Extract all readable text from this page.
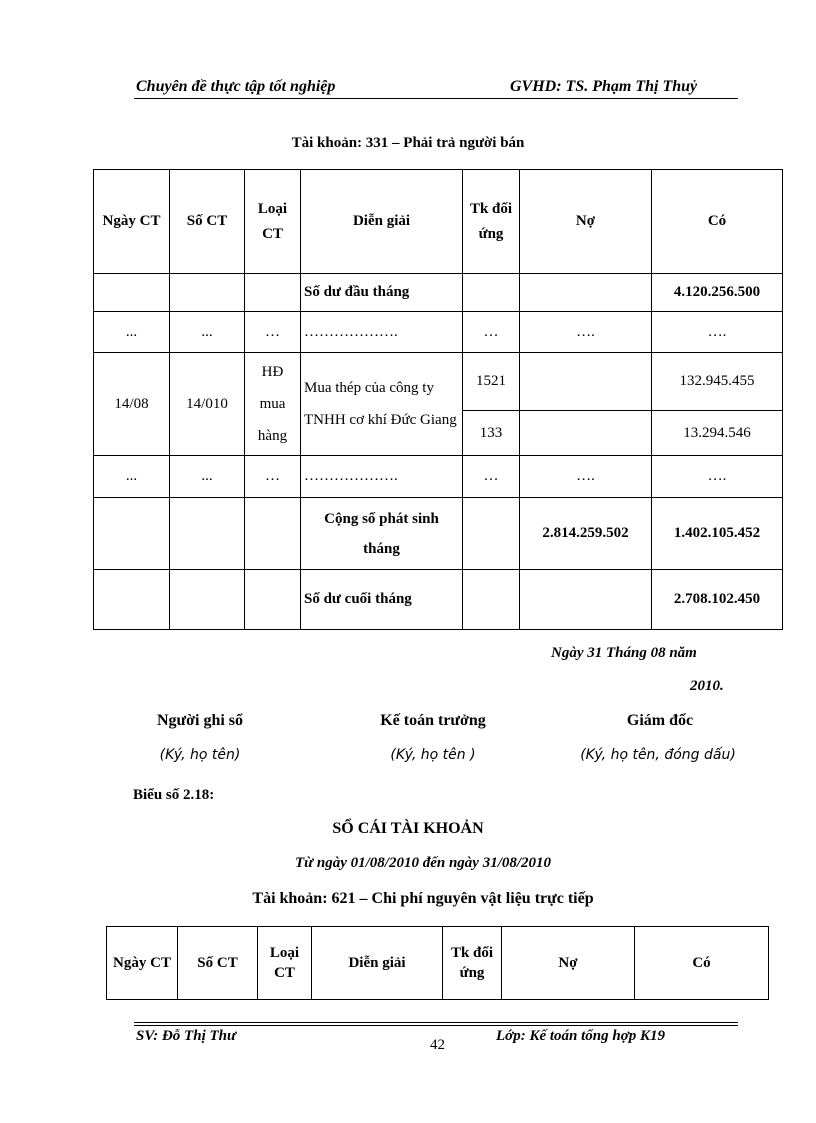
Chuyên đề thực tập tốt nghiệp	GVHD: TS. Phạm Thị Thuỷ
Tài khoản: 331 – Phải trả người bán
Ngày CT	Số CT	Loại CT	Diễn giải	Tk đối ứng	Nợ	Có
			Số dư đầu tháng			4.120.256.500
...	...	…	……………….	…	….	….
14/08	14/010	HĐ mua hàng	Mua thép của công ty TNHH cơ khí Đức Giang	1521		132.945.455
				133		13.294.546
...	...	…	……………….	…	….	….
			Cộng số phát sinh tháng		2.814.259.502	1.402.105.452
			Số dư cuối tháng			2.708.102.450
Ngày 31 Tháng 08 năm
2010.
Người ghi sổ	Kế toán trưởng	Giám đốc
(Ký, họ tên)	(Ký, họ tên )	(Ký, họ tên, đóng dấu)
Biểu số 2.18:
SỔ CÁI TÀI KHOẢN
Từ ngày 01/08/2010 đến ngày 31/08/2010
Tài khoản: 621 – Chi phí nguyên vật liệu trực tiếp
Ngày CT	Số CT	Loại CT	Diễn giải	Tk đối ứng	Nợ	Có
SV: Đỗ Thị Thư
42
Lớp: Kế toán tổng hợp K19
